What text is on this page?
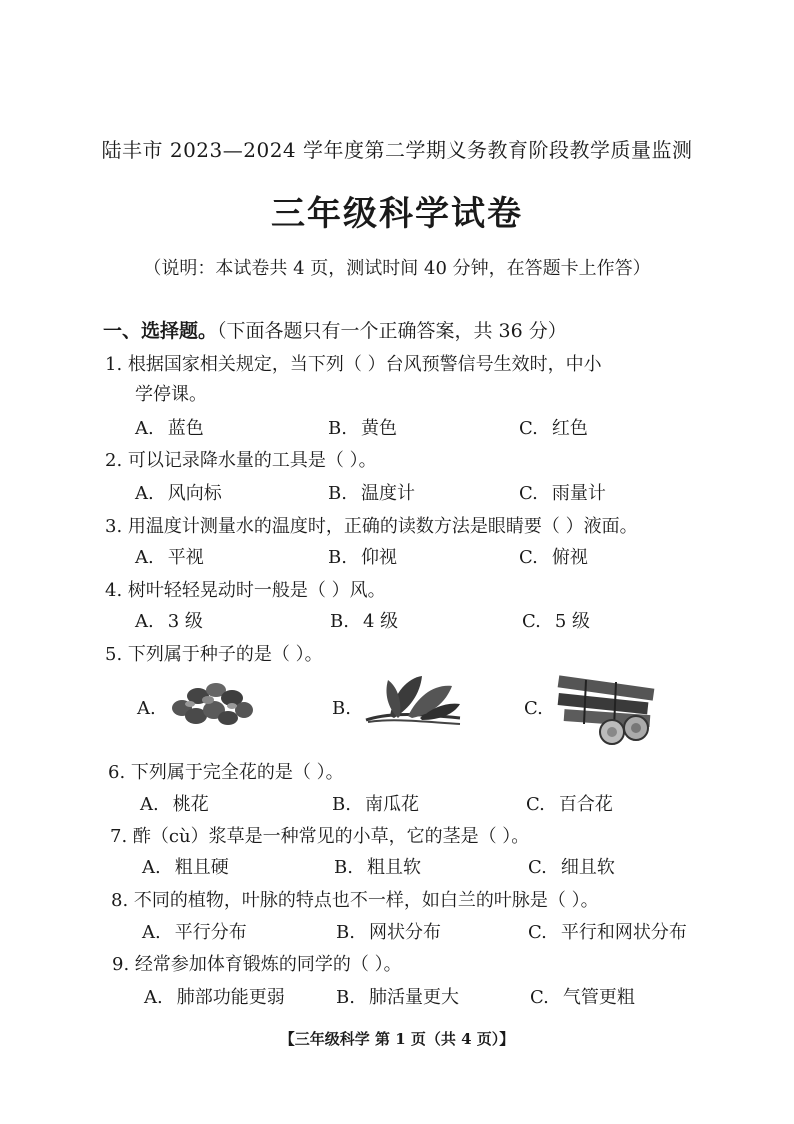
陆丰市 2023—2024 学年度第二学期义务教育阶段教学质量监测
三年级科学试卷
（说明：本试卷共 4 页，测试时间 40 分钟，在答题卡上作答）
一、选择题。（下面各题只有一个正确答案，共 36 分）
1. 根据国家相关规定，当下列（ ）台风预警信号生效时，中小
学停课。
A. 蓝色	B. 黄色	C. 红色
2. 可以记录降水量的工具是（ ）。
A. 风向标	B. 温度计	C. 雨量计
3. 用温度计测量水的温度时，正确的读数方法是眼睛要（ ）液面。
A. 平视	B. 仰视	C. 俯视
4. 树叶轻轻晃动时一般是（ ）风。
A. 3 级	B. 4 级	C. 5 级
5. 下列属于种子的是（ ）。
A.	B.	C.
6. 下列属于完全花的是（ ）。
A. 桃花	B. 南瓜花	C. 百合花
7. 酢（cù）浆草是一种常见的小草，它的茎是（ ）。
A. 粗且硬	B. 粗且软	C. 细且软
8. 不同的植物，叶脉的特点也不一样，如白兰的叶脉是（ ）。
A. 平行分布	B. 网状分布	C. 平行和网状分布
9. 经常参加体育锻炼的同学的（ ）。
A. 肺部功能更弱	B. 肺活量更大	C. 气管更粗
【三年级科学 第 1 页（共 4 页）】
